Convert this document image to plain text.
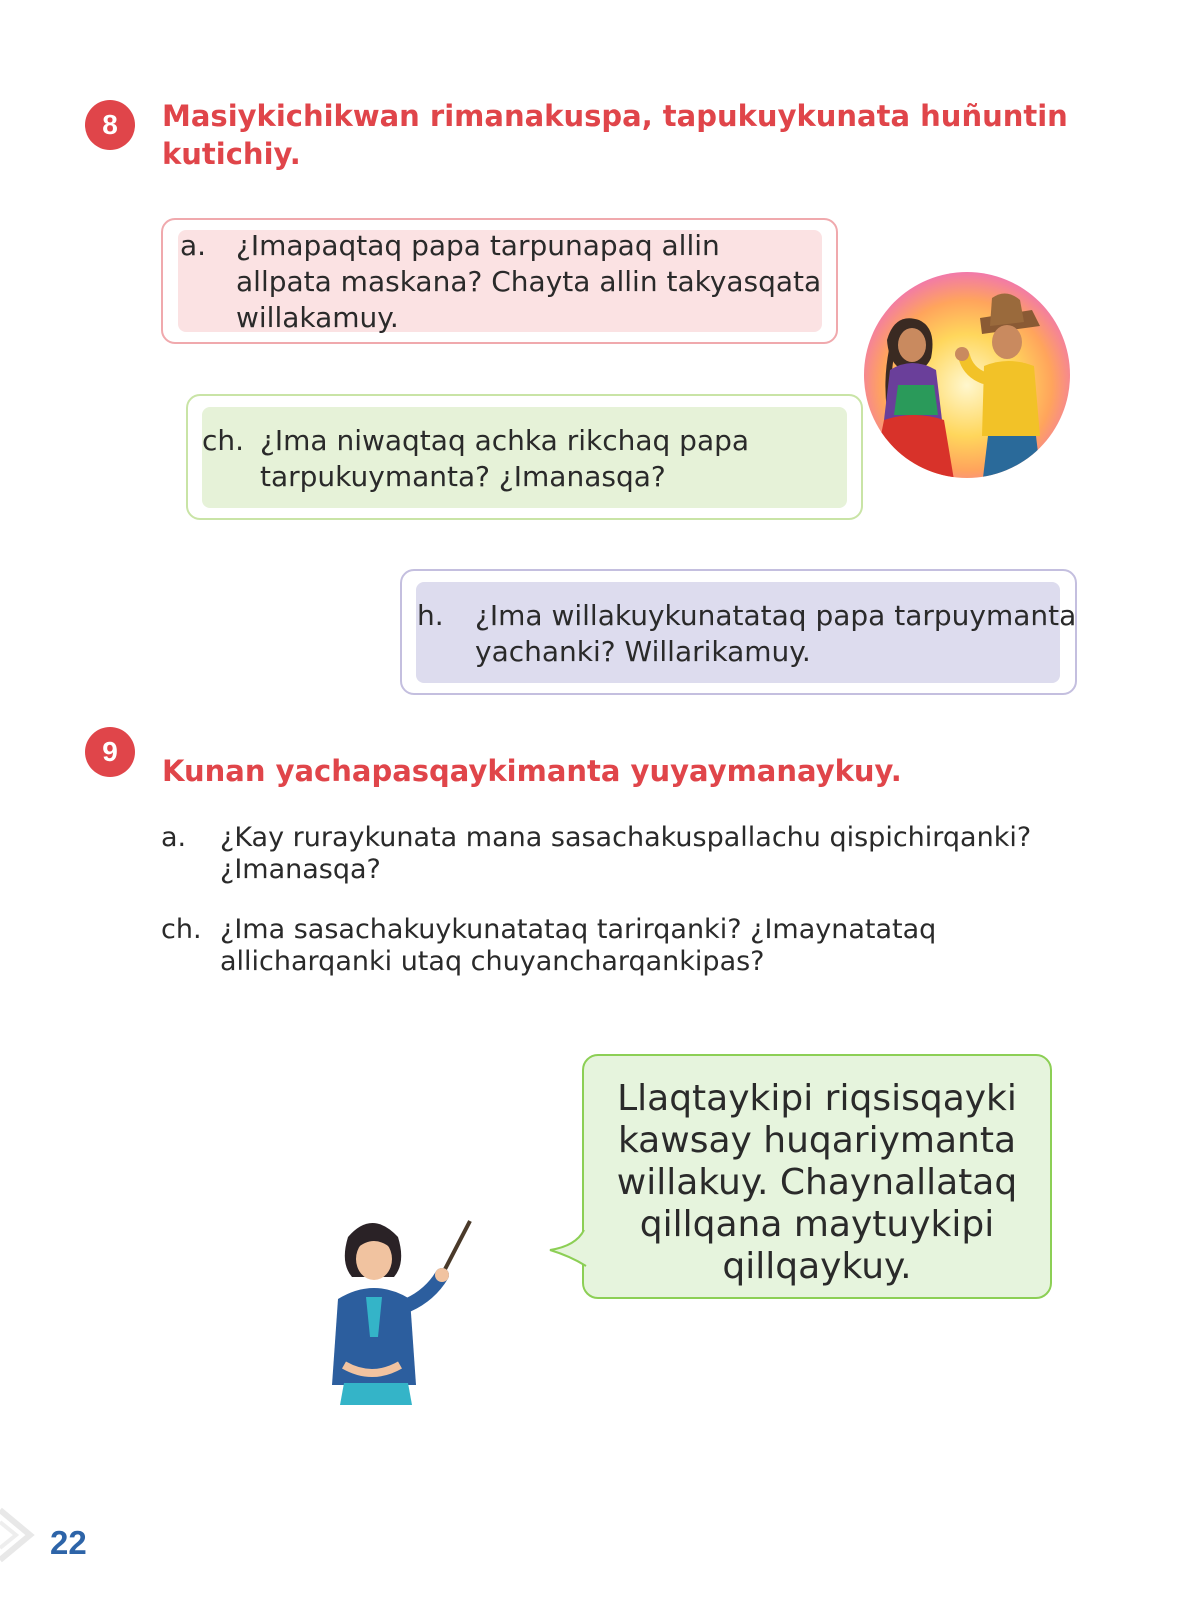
8	Masiykichikwan rimanakuspa, tapukuykunata huñuntin
kutichiy.
a. ¿Imapaqtaq papa tarpunapaq allin
allpata maskana? Chayta allin takyasqata
willakamuy.
ch. ¿Ima niwaqtaq achka rikchaq papa
tarpukuymanta? ¿Imanasqa?
h. ¿Ima willakuykunatataq papa tarpuymanta
yachanki? Willarikamuy.
9
Kunan yachapasqaykimanta yuyaymanaykuy.
a. ¿Kay ruraykunata mana sasachakuspallachu qispichirqanki?
¿Imanasqa?
ch. ¿Ima sasachakuykunatataq tarirqanki? ¿Imaynatataq
allicharqanki utaq chuyancharqankipas?
Llaqtaykipi riqsisqayki
kawsay huqariymanta
willakuy. Chaynallataq
qillqana maytuykipi
qillqaykuy.
22
